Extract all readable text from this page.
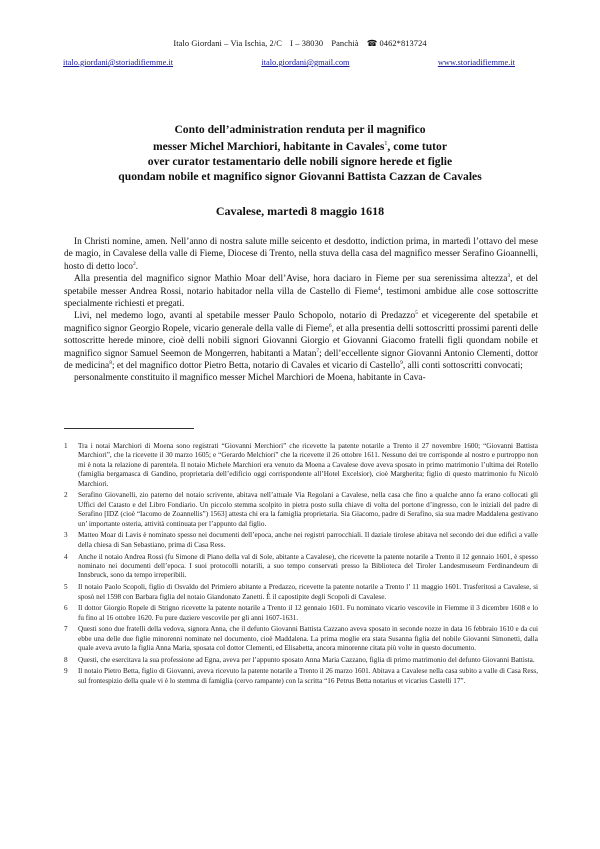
Italo Giordani – Via Ischia, 2/C I – 38030 Panchià ☎ 0462*813724
italo.giordani@storiadifiemme.it	italo.giordani@gmail.com	www.storiadifiemme.it
Conto dell’administration renduta per il magnifico
messer Michel Marchiori, habitante in Cavales$^1$, come tutor
over curator testamentario delle nobili signore herede et figlie
quondam nobile et magnifico signor Giovanni Battista Cazzan de Cavales
Cavalese, martedì 8 maggio 1618

In Christi nomine, amen. Nell’anno di nostra salute mille seicento et desdotto, indiction prima, in martedì l’ottavo del mese de magio, in Cavalese della valle di Fieme, Diocese di Trento, nella stuva della casa del magnifico messer Serafino Gioannelli, hosto di detto loco$^2$.

Alla presentia del magnifico signor Mathio Moar dell’Avise, hora daciaro in Fieme per sua serenissima altezza$^3$, et del spetabile messer Andrea Rossi, notario habitador nella villa de Castello di Fieme$^4$, testimoni ambidue alle cose sottoscritte specialmente richiesti et pregati.

Livi, nel medemo logo, avanti al spetabile messer Paulo Schopolo, notario di Predazzo$^5$ et vicegerente del spetabile et magnifico signor Georgio Ropele, vicario generale della valle di Fieme$^6$, et alla presentia delli sottoscritti prossimi parenti delle sottoscritte herede minore, cioè delli nobili signori Giovanni Giorgio et Giovanni Giacomo fratelli figli quondam nobile et magnifico signor Samuel Seemon de Mongerren, habitanti a Matan$^7$; dell’eccellente signor Giovanni Antonio Clementi, dottor de medicina$^8$; et del magnifico dottor Pietro Betta, notario di Cavales et vicario di Castello$^9$, alli conti sottoscritti convocati;

personalmente constituito il magnifico messer Michel Marchiori de Moena, habitante in Cava-

1	Tra i notai Marchiori di Moena sono registrati “Giovanni Merchiori” che ricevette la patente notarile a Trento il 27 novembre 1600; “Giovanni Battista Marchiori”, che la ricevette il 30 marzo 1605; e “Gerardo Melchiori” che la ricevette il 26 ottobre 1611. Nessuno dei tre corrisponde al nostro e purtroppo non mi è nota la relazione di parentela. Il notaio Michele Marchiori era venuto da Moena a Cavalese dove aveva sposato in primo matrimonio l’ultima dei Rotello (famiglia bergamasca di Gandino, proprietaria dell’edificio oggi corrispondente all’Hotel Excelsior), cioè Margherita; figlio di questo matrimonio fu Nicolò Marchiori.
2	Serafino Giovanelli, zio paterno del notaio scrivente, abitava nell’attuale Via Regolani a Cavalese, nella casa che fino a qualche anno fa erano collocati gli Uffici del Catasto e del Libro Fondiario. Un piccolo stemma scolpito in pietra posto sulla chiave di volta del portone d’ingresso, con le iniziali del padre di Serafino [IDZ (cioè “Iacomo de Zoannellis”) 1563] attesta chi era la famiglia proprietaria. Sia Giacomo, padre di Serafino, sia sua madre Maddalena gestivano un’ importante osteria, attività continuata per l’appunto dal figlio.
3	Matteo Moar di Lavis è nominato spesso nei documenti dell’epoca, anche nei registri parrocchiali. Il daziale tirolese abitava nel secondo dei due edifici a valle della chiesa di San Sebastiano, prima di Casa Ress.
4	Anche il notaio Andrea Rossi (fu Simone di Piano della val di Sole, abitante a Cavalese), che ricevette la patente notarile a Trento il 12 gennaio 1601, è spesso nominato nei documenti dell’epoca. I suoi protocolli notarili, a suo tempo conservati presso la Biblioteca del Tiroler Landesmuseum Ferdinandeum di Innsbruck, sono da tempo irreperibili.
5	Il notaio Paolo Scopoli, figlio di Osvaldo del Primiero abitante a Predazzo, ricevette la patente notarile a Trento l’ 11 maggio 1601. Trasferitosi a Cavalese, si sposò nel 1598 con Barbara figlia del notaio Giandonato Zanetti. È il capostipite degli Scopoli di Cavalese.
6	Il dottor Giorgio Ropele di Strigno ricevette la patente notarile a Trento il 12 gennaio 1601. Fu nominato vicario vescovile in Fiemme il 3 dicembre 1608 e lo fu fino al 16 ottobre 1620. Fu pure daziere vescovile per gli anni 1607-1631.
7	Questi sono due fratelli della vedova, signora Anna, che il defunto Giovanni Battista Cazzano aveva sposato in seconde nozze in data 16 febbraio 1610 e da cui ebbe una delle due figlie minorenni nominate nel documento, cioè Maddalena. La prima moglie era stata Susanna figlia del nobile Giovanni Simonetti, dalla quale aveva avuto la figlia Anna Maria, sposata col dottor Clementi, ed Elisabetta, ancora minorenne citata più volte in questo documento.
8	Questi, che esercitava la sua professione ad Egna, aveva per l’appunto sposato Anna Maria Cazzano, figlia di primo matrimonio del defunto Giovanni Battista.
9	Il notaio Pietro Betta, figlio di Giovanni, aveva ricevuto la patente notarile a Trento il 26 marzo 1601. Abitava a Cavalese nella casa subito a valle di Casa Ress, sul frontespizio della quale vi è lo stemma di famiglia (cervo rampante) con la scritta “16 Petrus Betta notarius et vicarius Castelli 17”.
